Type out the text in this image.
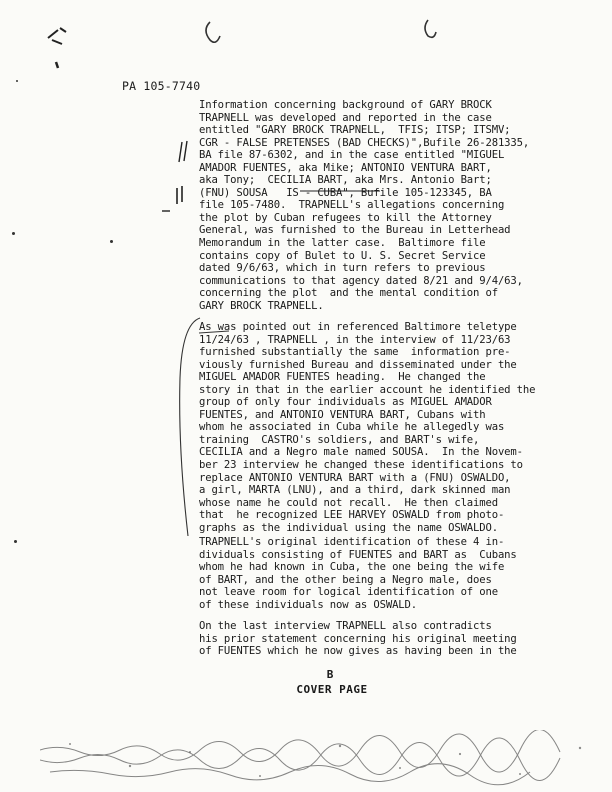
PA 105-7740
Information concerning background of GARY BROCK
TRAPNELL was developed and reported in the case
entitled "GARY BROCK TRAPNELL,  TFIS; ITSP; ITSMV;
CGR - FALSE PRETENSES (BAD CHECKS)",Bufile 26-281335,
BA file 87-6302, and in the case entitled "MIGUEL
AMADOR FUENTES, aka Mike; ANTONIO VENTURA BART,
aka Tony;  CECILIA BART, aka Mrs. Antonio Bart;
(FNU) SOUSA   IS - CUBA", Bufile 105-123345, BA
file 105-7480.  TRAPNELL's allegations concerning
the plot by Cuban refugees to kill the Attorney
General, was furnished to the Bureau in Letterhead
Memorandum in the latter case.  Baltimore file
contains copy of Bulet to U. S. Secret Service
dated 9/6/63, which in turn refers to previous
communications to that agency dated 8/21 and 9/4/63,
concerning the plot  and the mental condition of
GARY BROCK TRAPNELL.
As was pointed out in referenced Baltimore teletype
11/24/63 , TRAPNELL , in the interview of 11/23/63
furnished substantially the same  information pre-
viously furnished Bureau and disseminated under the
MIGUEL AMADOR FUENTES heading.  He changed the
story in that in the earlier account he identified the
group of only four individuals as MIGUEL AMADOR
FUENTES, and ANTONIO VENTURA BART, Cubans with
whom he associated in Cuba while he allegedly was
training  CASTRO's soldiers, and BART's wife,
CECILIA and a Negro male named SOUSA.  In the Novem-
ber 23 interview he changed these identifications to
replace ANTONIO VENTURA BART with a (FNU) OSWALDO,
a girl, MARTA (LNU), and a third, dark skinned man
whose name he could not recall.  He then claimed
that  he recognized LEE HARVEY OSWALD from photo-
graphs as the individual using the name OSWALDO.
TRAPNELL's original identification of these 4 in-
dividuals consisting of FUENTES and BART as  Cubans
whom he had known in Cuba, the one being the wife
of BART, and the other being a Negro male, does
not leave room for logical identification of one
of these individuals now as OSWALD.
On the last interview TRAPNELL also contradicts
his prior statement concerning his original meeting
of FUENTES which he now gives as having been in the
B
COVER PAGE
